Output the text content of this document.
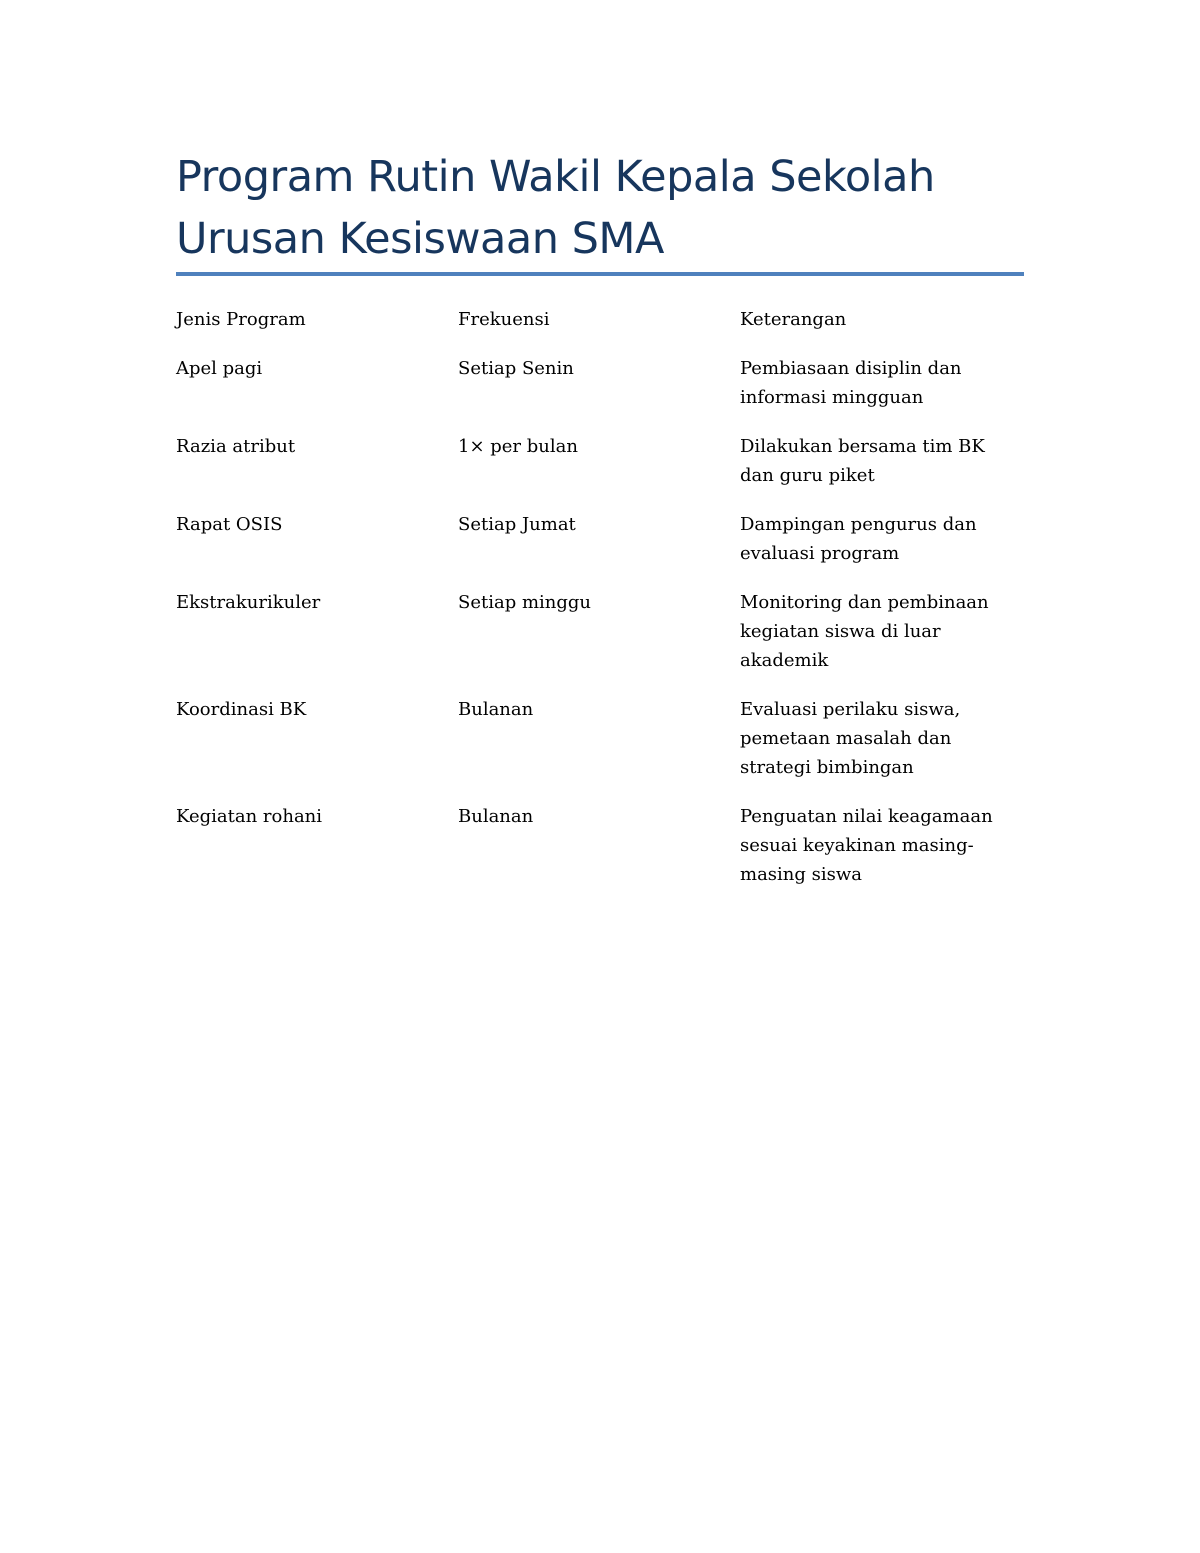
Program Rutin Wakil Kepala Sekolah
Urusan Kesiswaan SMA
Jenis Program	Frekuensi	Keterangan
Apel pagi	Setiap Senin	Pembiasaan disiplin dan informasi mingguan
Razia atribut	1× per bulan	Dilakukan bersama tim BK dan guru piket
Rapat OSIS	Setiap Jumat	Dampingan pengurus dan evaluasi program
Ekstrakurikuler	Setiap minggu	Monitoring dan pembinaan kegiatan siswa di luar akademik
Koordinasi BK	Bulanan	Evaluasi perilaku siswa, pemetaan masalah dan strategi bimbingan
Kegiatan rohani	Bulanan	Penguatan nilai keagamaan sesuai keyakinan masing-masing siswa
